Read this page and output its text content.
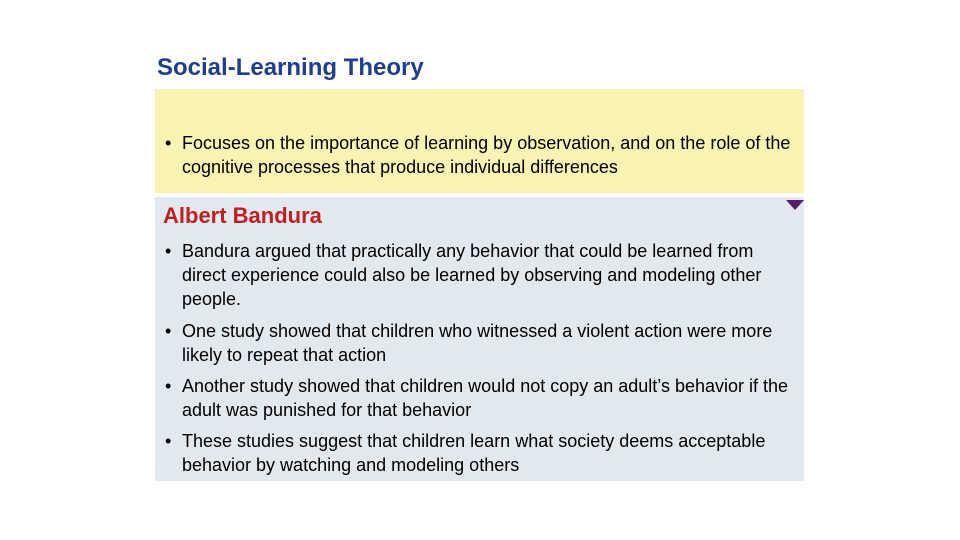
Social-Learning Theory
• Focuses on the importance of learning by observation, and on the role of the cognitive processes that produce individual differences
Albert Bandura
• Bandura argued that practically any behavior that could be learned from direct experience could also be learned by observing and modeling other people.
• One study showed that children who witnessed a violent action were more likely to repeat that action
• Another study showed that children would not copy an adult’s behavior if the adult was punished for that behavior
• These studies suggest that children learn what society deems acceptable behavior by watching and modeling others
